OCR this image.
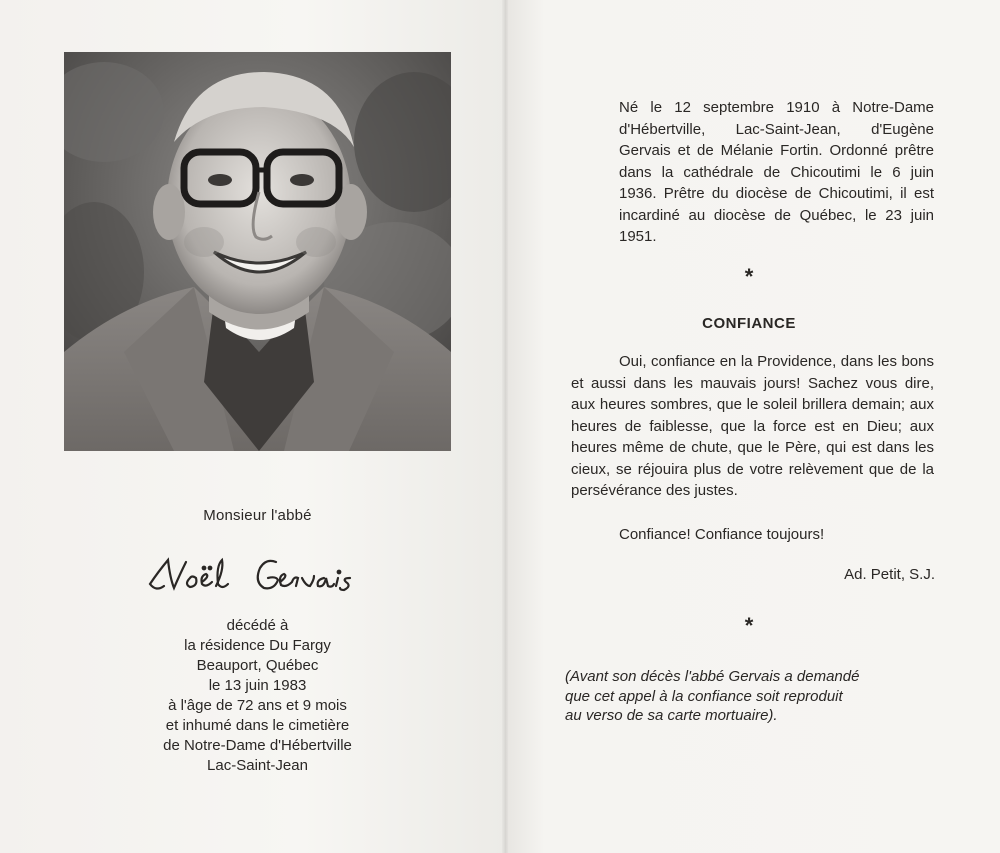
Monsieur l'abbé
décédé à
la résidence Du Fargy
Beauport, Québec
le 13 juin 1983
à l'âge de 72 ans et 9 mois
et inhumé dans le cimetière
de Notre-Dame d'Hébertville
Lac-Saint-Jean

Né le 12 septembre 1910 à Notre-Dame d'Hébertville, Lac-Saint-Jean, d'Eugène Gervais et de Mélanie Fortin. Ordonné prêtre dans la cathédrale de Chicoutimi le 6 juin 1936. Prêtre du diocèse de Chicoutimi, il est incardiné au diocèse de Québec, le 23 juin 1951.

*
CONFIANCE

Oui, confiance en la Providence, dans les bons et aussi dans les mauvais jours! Sachez vous dire, aux heures sombres, que le soleil brillera demain; aux heures de faiblesse, que la force est en Dieu; aux heures même de chute, que le Père, qui est dans les cieux, se réjouira plus de votre relèvement que de la persévérance des justes.

Confiance! Confiance toujours!
Ad. Petit, S.J.
*
(Avant son décès l'abbé Gervais a demandé
que cet appel à la confiance soit reproduit
au verso de sa carte mortuaire).
